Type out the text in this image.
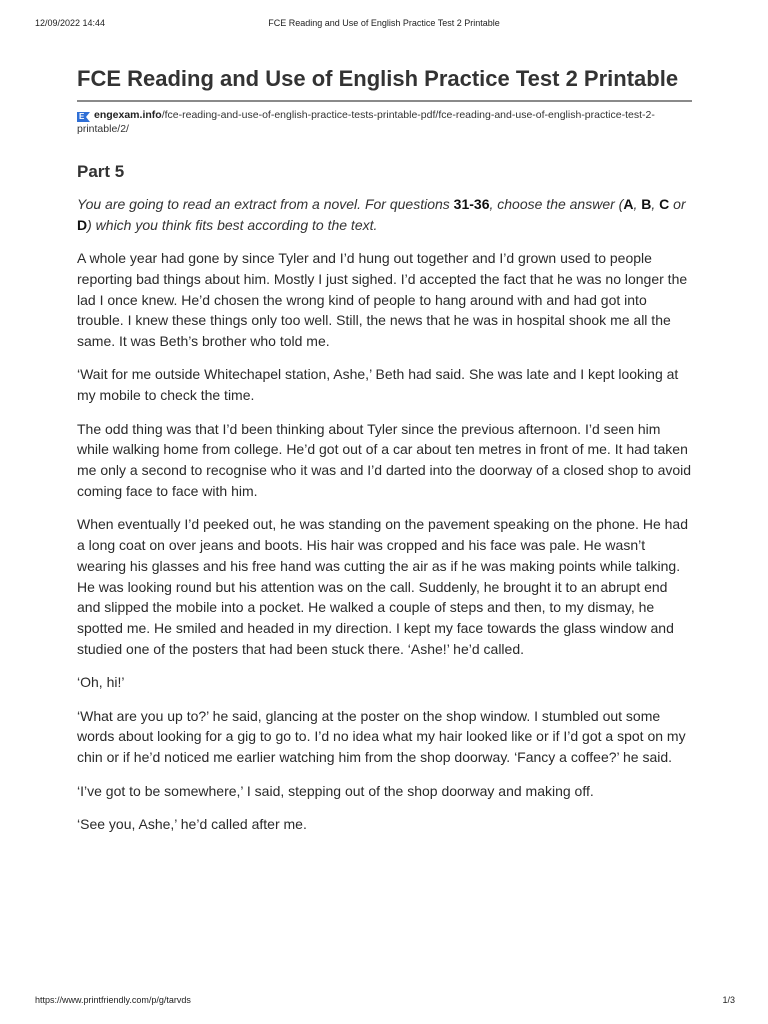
12/09/2022 14:44	FCE Reading and Use of English Practice Test 2 Printable
FCE Reading and Use of English Practice Test 2 Printable
E engexam.info/fce-reading-and-use-of-english-practice-tests-printable-pdf/fce-reading-and-use-of-english-practice-test-2-printable/2/
Part 5

You are going to read an extract from a novel. For questions 31-36, choose the answer (A, B, C or D) which you think fits best according to the text.

A whole year had gone by since Tyler and I’d hung out together and I’d grown used to people reporting bad things about him. Mostly I just sighed. I’d accepted the fact that he was no longer the lad I once knew. He’d chosen the wrong kind of people to hang around with and had got into trouble. I knew these things only too well. Still, the news that he was in hospital shook me all the same. It was Beth’s brother who told me.

‘Wait for me outside Whitechapel station, Ashe,’ Beth had said. She was late and I kept looking at my mobile to check the time.

The odd thing was that I’d been thinking about Tyler since the previous afternoon. I’d seen him while walking home from college. He’d got out of a car about ten metres in front of me. It had taken me only a second to recognise who it was and I’d darted into the doorway of a closed shop to avoid coming face to face with him.

When eventually I’d peeked out, he was standing on the pavement speaking on the phone. He had a long coat on over jeans and boots. His hair was cropped and his face was pale. He wasn’t wearing his glasses and his free hand was cutting the air as if he was making points while talking. He was looking round but his attention was on the call. Suddenly, he brought it to an abrupt end and slipped the mobile into a pocket. He walked a couple of steps and then, to my dismay, he spotted me. He smiled and headed in my direction. I kept my face towards the glass window and studied one of the posters that had been stuck there. ‘Ashe!’ he’d called.

‘Oh, hi!’

‘What are you up to?’ he said, glancing at the poster on the shop window. I stumbled out some words about looking for a gig to go to. I’d no idea what my hair looked like or if I’d got a spot on my chin or if he’d noticed me earlier watching him from the shop doorway. ‘Fancy a coffee?’ he said.

‘I’ve got to be somewhere,’ I said, stepping out of the shop doorway and making off.

‘See you, Ashe,’ he’d called after me.

https://www.printfriendly.com/p/g/tarvds	1/3
